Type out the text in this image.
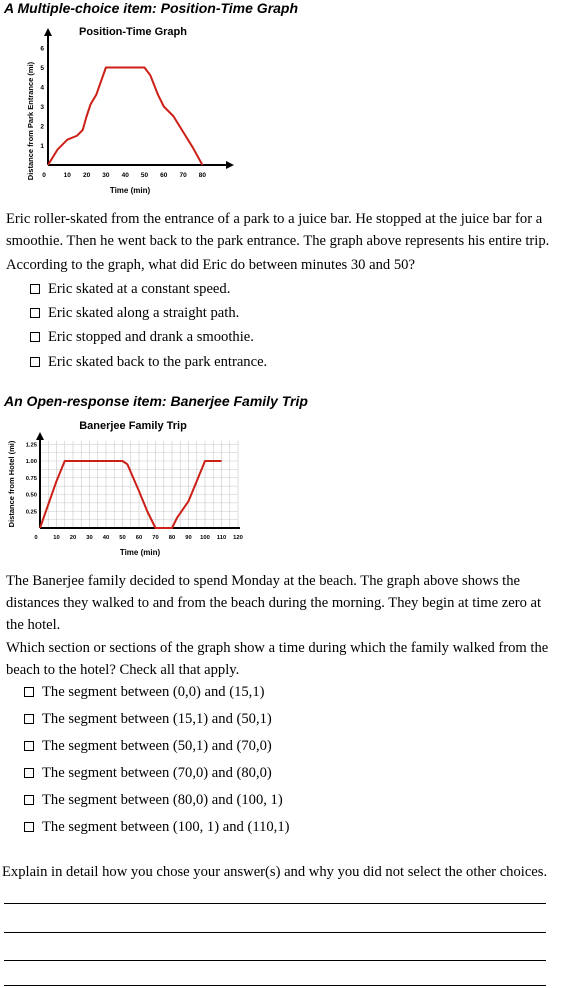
A Multiple-choice item: Position-Time Graph
Position-Time Graph
Distance from Park Entrance (mi)
Time (min)
0	10 20 30 40 50 60 70 80
1
2
3
4
5
6
Eric roller-skated from the entrance of a park to a juice bar. He stopped at the juice bar for a smoothie. Then he went back to the park entrance. The graph above represents his entire trip.
According to the graph, what did Eric do between minutes 30 and 50?
Eric skated at a constant speed.
Eric skated along a straight path.
Eric stopped and drank a smoothie.
Eric skated back to the park entrance.
An Open-response item: Banerjee Family Trip
Banerjee Family Trip
Distance from Hotel (mi)
Time (min)
0	10 20 30 40 50 60 70 80 90 100 110 120
0.25
0.50
0.75
1.00
1.25
The Banerjee family decided to spend Monday at the beach. The graph above shows the distances they walked to and from the beach during the morning. They begin at time zero at the hotel.
Which section or sections of the graph show a time during which the family walked from the beach to the hotel? Check all that apply.
The segment between (0,0) and (15,1)
The segment between (15,1) and (50,1)
The segment between (50,1) and (70,0)
The segment between (70,0) and (80,0)
The segment between (80,0) and (100, 1)
The segment between (100, 1) and (110,1)
Explain in detail how you chose your answer(s) and why you did not select the other choices.
